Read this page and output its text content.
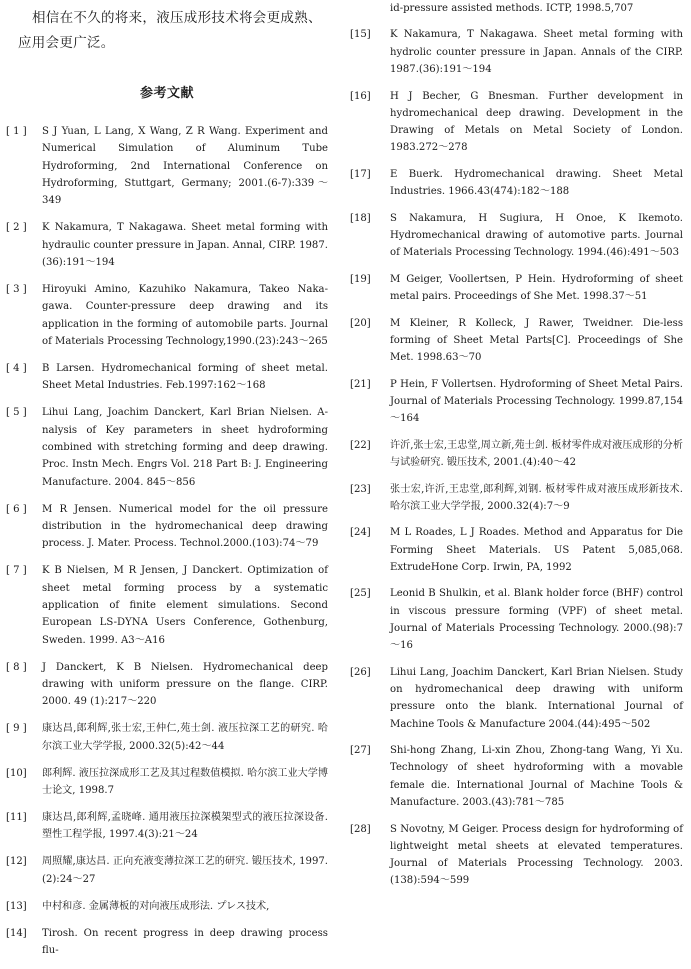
相信在不久的将来，液压成形技术将会更成熟、应用会更广泛。

参考文献
[ 1 ] S J Yuan, L Lang, X Wang, Z R Wang. Experiment and Numerical Simulation of Aluminum Tube Hydroforming, 2nd International Conference on Hydroforming, Stuttgart, Germany; 2001.(6-7):339～349
[ 2 ] K Nakamura, T Nakagawa. Sheet metal forming with hydraulic counter pressure in Japan. Annal, CIRP. 1987.(36):191～194
[ 3 ] Hiroyuki Amino, Kazuhiko Nakamura, Takeo Naka-gawa. Counter-pressure deep drawing and its application in the forming of automobile parts. Journal of Materials Processing Technology,1990.(23):243～265
[ 4 ] B Larsen. Hydromechanical forming of sheet metal. Sheet Metal Industries. Feb.1997:162～168
[ 5 ] Lihui Lang, Joachim Danckert, Karl Brian Nielsen. A-nalysis of Key parameters in sheet hydroforming combined with stretching forming and deep drawing. Proc. Instn Mech. Engrs Vol. 218 Part B: J. Engineering Manufacture. 2004. 845～856
[ 6 ] M R Jensen. Numerical model for the oil pressure distribution in the hydromechanical deep drawing process. J. Mater. Process. Technol.2000.(103):74～79
[ 7 ] K B Nielsen, M R Jensen, J Danckert. Optimization of sheet metal forming process by a systematic application of finite element simulations. Second European LS-DYNA Users Conference, Gothenburg, Sweden. 1999. A3～A16
[ 8 ] J Danckert, K B Nielsen. Hydromechanical deep drawing with uniform pressure on the flange. CIRP. 2000. 49 (1):217～220
[ 9 ] 康达昌,郎利辉,张士宏,王仲仁,苑士剑. 液压拉深工艺的研究. 哈尔滨工业大学学报, 2000.32(5):42～44
[10] 郎利辉. 液压拉深成形工艺及其过程数值模拟. 哈尔滨工业大学博士论文, 1998.7
[11] 康达昌,郎利辉,孟晓峰. 通用液压拉深模架型式的液压拉深设备. 塑性工程学报, 1997.4(3):21～24
[12] 周照耀,康达昌. 正向充液变薄拉深工艺的研究. 锻压技术, 1997.(2):24～27
[13] 中村和彦. 金属薄板的对向液压成形法. プレス技术,
[14] Tirosh. On recent progress in deep drawing process flu-
id-pressure assisted methods. ICTP, 1998.5,707
[15] K Nakamura, T Nakagawa. Sheet metal forming with hydrolic counter pressure in Japan. Annals of the CIRP. 1987.(36):191～194
[16] H J Becher, G Bnesman. Further development in hydromechanical deep drawing. Development in the Drawing of Metals on Metal Society of London. 1983.272～278
[17] E Buerk. Hydromechanical drawing. Sheet Metal Industries. 1966.43(474):182～188
[18] S Nakamura, H Sugiura, H Onoe, K Ikemoto. Hydromechanical drawing of automotive parts. Journal of Materials Processing Technology. 1994.(46):491～503
[19] M Geiger, Voollertsen, P Hein. Hydroforming of sheet metal pairs. Proceedings of She Met. 1998.37～51
[20] M Kleiner, R Kolleck, J Rawer, Tweidner. Die-less forming of Sheet Metal Parts[C]. Proceedings of She Met. 1998.63～70
[21] P Hein, F Vollertsen. Hydroforming of Sheet Metal Pairs. Journal of Materials Processing Technology. 1999.87,154～164
[22] 许沂,张士宏,王忠堂,周立新,苑士剑. 板材零件成对液压成形的分析与试验研究. 锻压技术, 2001.(4):40～42
[23] 张士宏,许沂,王忠堂,郎利辉,刘钢. 板材零件成对液压成形新技术. 哈尔滨工业大学学报, 2000.32(4):7～9
[24] M L Roades, L J Roades. Method and Apparatus for Die Forming Sheet Materials. US Patent 5,085,068. ExtrudeHone Corp. Irwin, PA, 1992
[25] Leonid B Shulkin, et al. Blank holder force (BHF) control in viscous pressure forming (VPF) of sheet metal. Journal of Materials Processing Technology. 2000.(98):7～16
[26] Lihui Lang, Joachim Danckert, Karl Brian Nielsen. Study on hydromechanical deep drawing with uniform pressure onto the blank. International Journal of Machine Tools & Manufacture 2004.(44):495～502
[27] Shi-hong Zhang, Li-xin Zhou, Zhong-tang Wang, Yi Xu. Technology of sheet hydroforming with a movable female die. International Journal of Machine Tools & Manufacture. 2003.(43):781～785
[28] S Novotny, M Geiger. Process design for hydroforming of lightweight metal sheets at elevated temperatures. Journal of Materials Processing Technology. 2003.(138):594～599
